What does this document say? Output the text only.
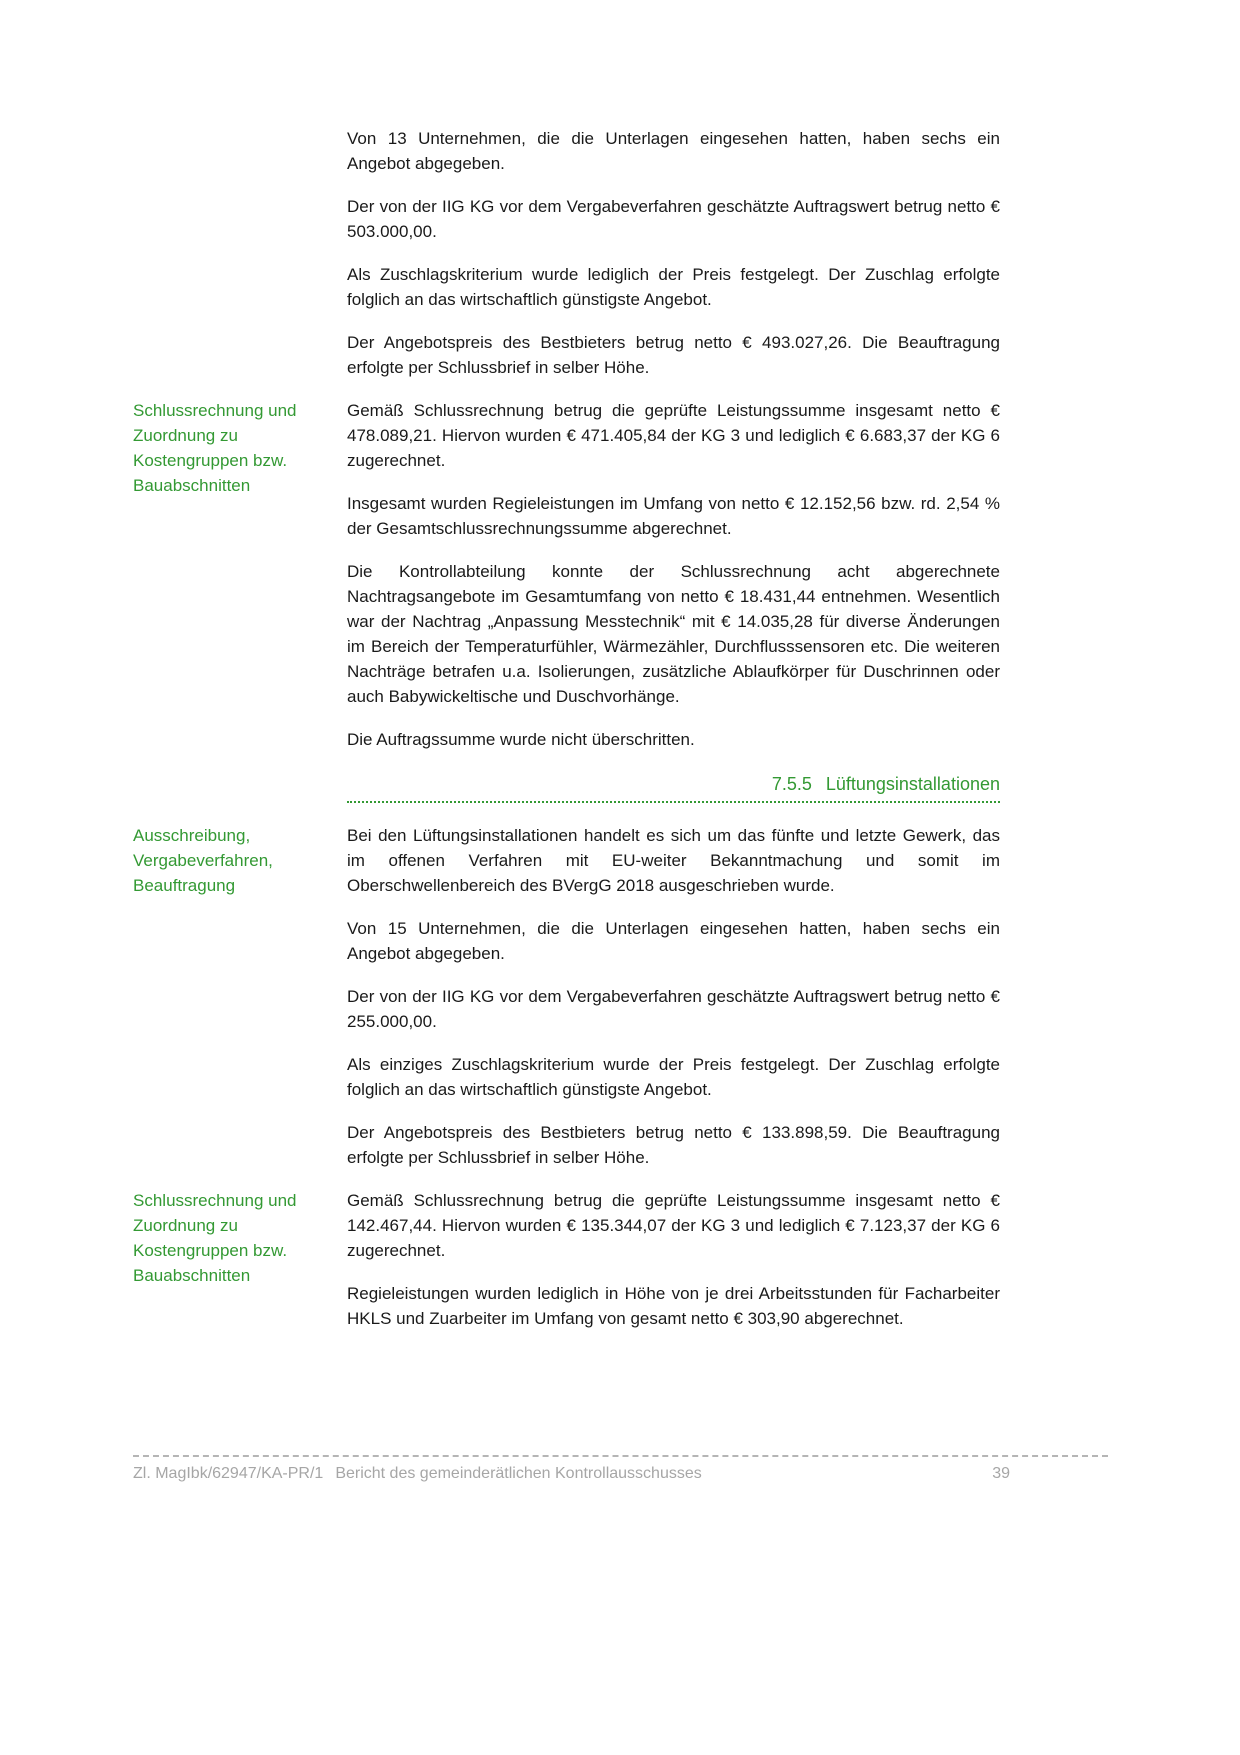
Von 13 Unternehmen, die die Unterlagen eingesehen hatten, haben sechs ein Angebot abgegeben.

Der von der IIG KG vor dem Vergabeverfahren geschätzte Auftragswert betrug netto € 503.000,00.

Als Zuschlagskriterium wurde lediglich der Preis festgelegt. Der Zuschlag erfolgte folglich an das wirtschaftlich günstigste Angebot.

Der Angebotspreis des Bestbieters betrug netto € 493.027,26. Die Beauftragung erfolgte per Schlussbrief in selber Höhe.

Schlussrechnung und Zuordnung zu Kostengruppen bzw. Bauabschnitten

Gemäß Schlussrechnung betrug die geprüfte Leistungssumme insgesamt netto € 478.089,21. Hiervon wurden € 471.405,84 der KG 3 und lediglich € 6.683,37 der KG 6 zugerechnet.

Insgesamt wurden Regieleistungen im Umfang von netto € 12.152,56 bzw. rd. 2,54 % der Gesamtschlussrechnungssumme abgerechnet.

Die Kontrollabteilung konnte der Schlussrechnung acht abgerechnete Nachtragsangebote im Gesamtumfang von netto € 18.431,44 entnehmen. Wesentlich war der Nachtrag „Anpassung Messtechnik“ mit € 14.035,28 für diverse Änderungen im Bereich der Temperaturfühler, Wärmezähler, Durchflusssensoren etc. Die weiteren Nachträge betrafen u.a. Isolierungen, zusätzliche Ablaufkörper für Duschrinnen oder auch Babywickeltische und Duschvorhänge.

Die Auftragssumme wurde nicht überschritten.

7.5.5 Lüftungsinstallationen
Ausschreibung, Vergabeverfahren, Beauftragung

Bei den Lüftungsinstallationen handelt es sich um das fünfte und letzte Gewerk, das im offenen Verfahren mit EU-weiter Bekanntmachung und somit im Oberschwellenbereich des BVergG 2018 ausgeschrieben wurde.

Von 15 Unternehmen, die die Unterlagen eingesehen hatten, haben sechs ein Angebot abgegeben.

Der von der IIG KG vor dem Vergabeverfahren geschätzte Auftragswert betrug netto € 255.000,00.

Als einziges Zuschlagskriterium wurde der Preis festgelegt. Der Zuschlag erfolgte folglich an das wirtschaftlich günstigste Angebot.

Der Angebotspreis des Bestbieters betrug netto € 133.898,59. Die Beauftragung erfolgte per Schlussbrief in selber Höhe.

Schlussrechnung und Zuordnung zu Kostengruppen bzw. Bauabschnitten

Gemäß Schlussrechnung betrug die geprüfte Leistungssumme insgesamt netto € 142.467,44. Hiervon wurden € 135.344,07 der KG 3 und lediglich € 7.123,37 der KG 6 zugerechnet.

Regieleistungen wurden lediglich in Höhe von je drei Arbeitsstunden für Facharbeiter HKLS und Zuarbeiter im Umfang von gesamt netto € 303,90 abgerechnet.

Zl. MagIbk/62947/KA-PR/1 Bericht des gemeinderätlichen Kontrollausschusses	39
